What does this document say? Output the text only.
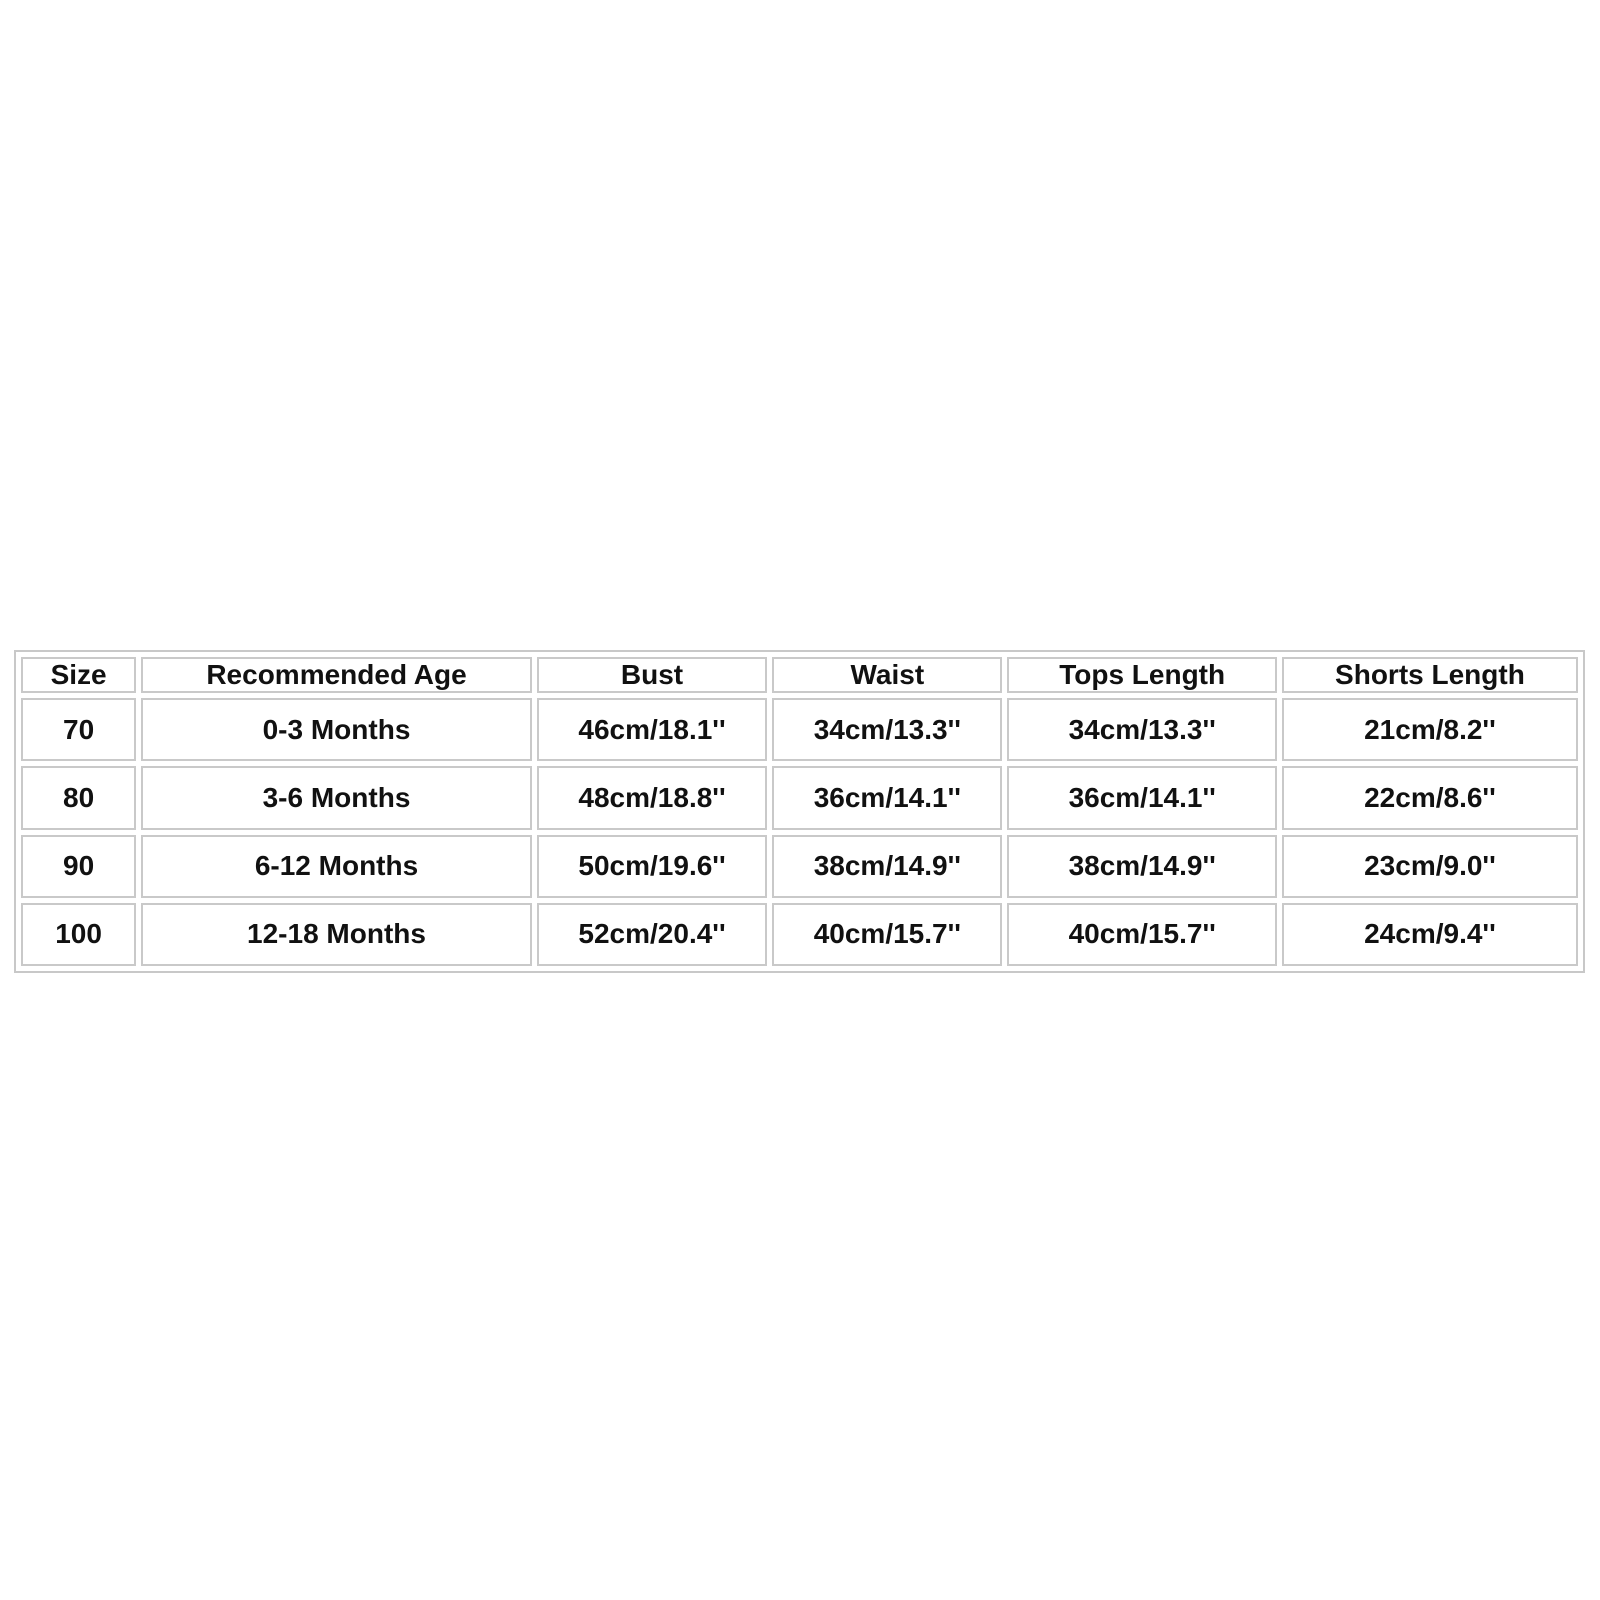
Size	Recommended Age	Bust	Waist	Tops Length	Shorts Length
70	0-3 Months	46cm/18.1''	34cm/13.3''	34cm/13.3''	21cm/8.2''
80	3-6 Months	48cm/18.8''	36cm/14.1''	36cm/14.1''	22cm/8.6''
90	6-12 Months	50cm/19.6''	38cm/14.9''	38cm/14.9''	23cm/9.0''
100	12-18 Months	52cm/20.4''	40cm/15.7''	40cm/15.7''	24cm/9.4''
